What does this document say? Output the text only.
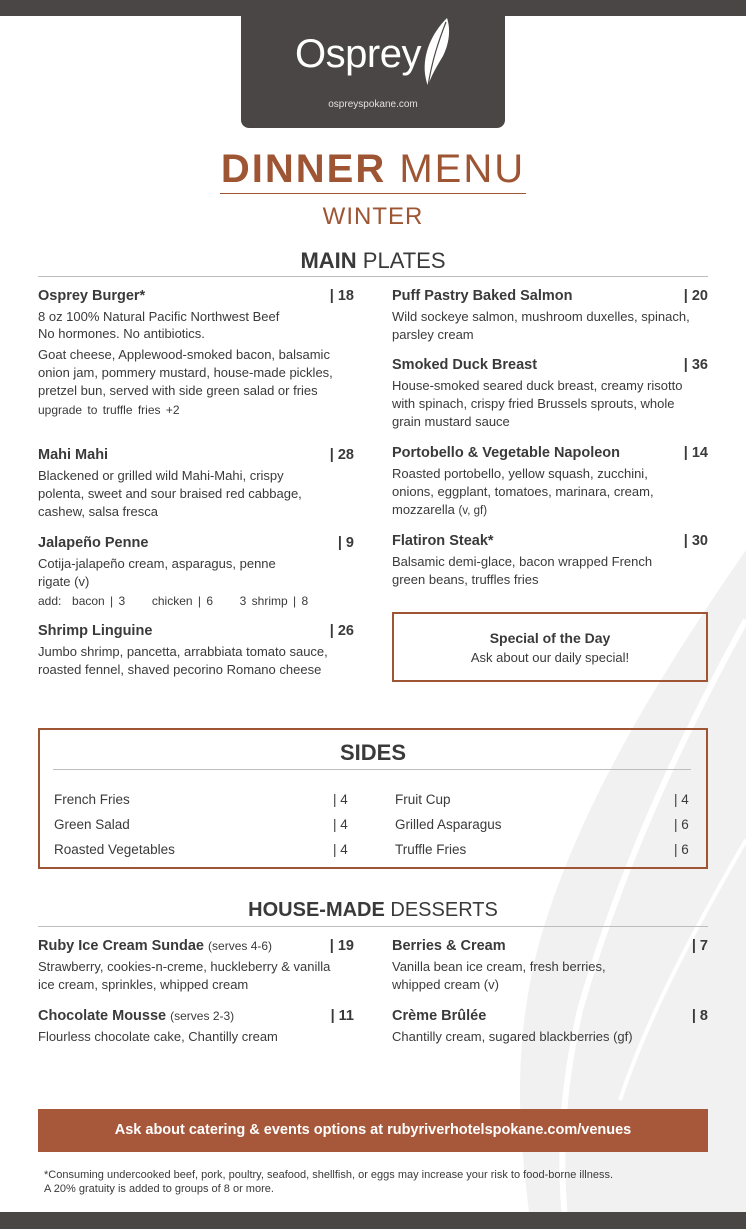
Osprey
ospreyspokane.com
DINNER MENU
WINTER
MAIN PLATES
Osprey Burger*	| 18
8 oz 100% Natural Pacific Northwest Beef
No hormones. No antibiotics.
Goat cheese, Applewood-smoked bacon, balsamic onion jam, pommery mustard, house-made pickles, pretzel bun, served with side green salad or fries
upgrade to truffle fries +2
Mahi Mahi	| 28
Blackened or grilled wild Mahi-Mahi, crispy polenta, sweet and sour braised red cabbage, cashew, salsa fresca
Jalapeño Penne	| 9
Cotija-jalapeño cream, asparagus, penne rigate (v)
add:  bacon | 3     chicken | 6     3 shrimp | 8
Shrimp Linguine	| 26
Jumbo shrimp, pancetta, arrabbiata tomato sauce, roasted fennel, shaved pecorino Romano cheese
Puff Pastry Baked Salmon	| 20
Wild sockeye salmon, mushroom duxelles, spinach, parsley cream
Smoked Duck Breast	| 36
House-smoked seared duck breast, creamy risotto with spinach, crispy fried Brussels sprouts, whole grain mustard sauce
Portobello & Vegetable Napoleon	| 14
Roasted portobello, yellow squash, zucchini, onions, eggplant, tomatoes, marinara, cream, mozzarella (v, gf)
Flatiron Steak*	| 30
Balsamic demi-glace, bacon wrapped French green beans, truffles fries
Special of the Day
Ask about our daily special!
SIDES
French Fries	| 4
Green Salad	| 4
Roasted Vegetables	| 4
Fruit Cup	| 4
Grilled Asparagus	| 6
Truffle Fries	| 6
HOUSE-MADE DESSERTS
Ruby Ice Cream Sundae (serves 4-6)	| 19
Strawberry, cookies-n-creme, huckleberry & vanilla ice cream, sprinkles, whipped cream
Chocolate Mousse (serves 2-3)	| 11
Flourless chocolate cake, Chantilly cream
Berries & Cream	| 7
Vanilla bean ice cream, fresh berries, whipped cream (v)
Crème Brûlée	| 8
Chantilly cream, sugared blackberries (gf)
Ask about catering & events options at rubyriverhotelspokane.com/venues
*Consuming undercooked beef, pork, poultry, seafood, shellfish, or eggs may increase your risk to food-borne illness.
A 20% gratuity is added to groups of 8 or more.
